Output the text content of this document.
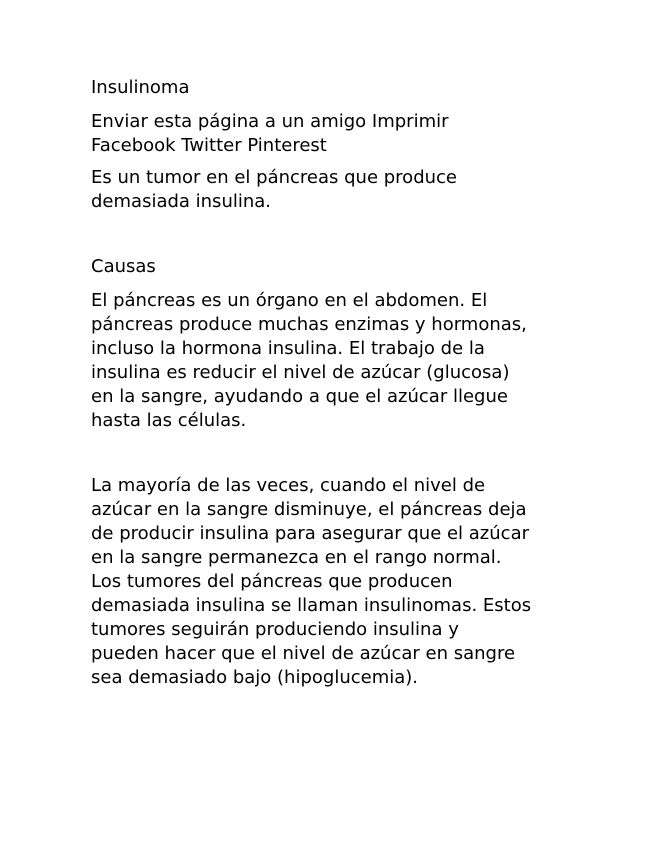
Insulinoma

Enviar esta página a un amigo Imprimir

Facebook Twitter Pinterest

Es un tumor en el páncreas que produce

demasiada insulina.

Causas

El páncreas es un órgano en el abdomen. El

páncreas produce muchas enzimas y hormonas,

incluso la hormona insulina. El trabajo de la

insulina es reducir el nivel de azúcar (glucosa)

en la sangre, ayudando a que el azúcar llegue

hasta las células.

La mayoría de las veces, cuando el nivel de

azúcar en la sangre disminuye, el páncreas deja

de producir insulina para asegurar que el azúcar

en la sangre permanezca en el rango normal.

Los tumores del páncreas que producen

demasiada insulina se llaman insulinomas. Estos

tumores seguirán produciendo insulina y

pueden hacer que el nivel de azúcar en sangre

sea demasiado bajo (hipoglucemia).
